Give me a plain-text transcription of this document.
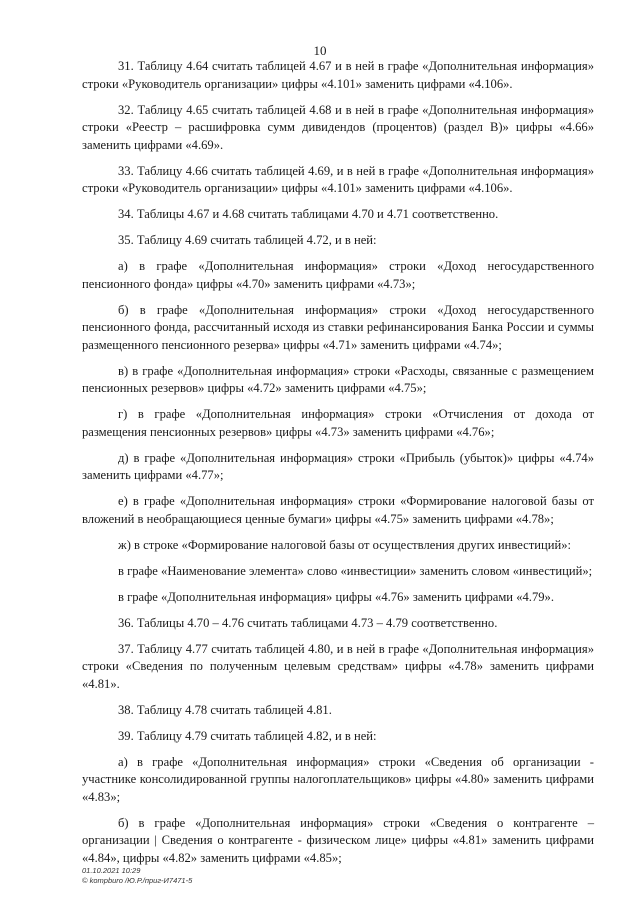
10

31. Таблицу 4.64 считать таблицей 4.67 и в ней в графе «Дополнительная информация» строки «Руководитель организации» цифры «4.101» заменить цифрами «4.106».

32. Таблицу 4.65 считать таблицей 4.68 и в ней в графе «Дополнительная информация» строки «Реестр – расшифровка сумм дивидендов (процентов) (раздел В)» цифры «4.66» заменить цифрами «4.69».

33. Таблицу 4.66 считать таблицей 4.69, и в ней в графе «Дополнительная информация» строки «Руководитель организации» цифры «4.101» заменить цифрами «4.106».

34. Таблицы 4.67 и 4.68 считать таблицами 4.70 и 4.71 соответственно.

35. Таблицу 4.69 считать таблицей 4.72, и в ней:

а) в графе «Дополнительная информация» строки «Доход негосударственного пенсионного фонда» цифры «4.70» заменить цифрами «4.73»;

б) в графе «Дополнительная информация» строки «Доход негосударственного пенсионного фонда, рассчитанный исходя из ставки рефинансирования Банка России и суммы размещенного пенсионного резерва» цифры «4.71» заменить цифрами «4.74»;

в) в графе «Дополнительная информация» строки «Расходы, связанные с размещением пенсионных резервов» цифры «4.72» заменить цифрами «4.75»;

г) в графе «Дополнительная информация» строки «Отчисления от дохода от размещения пенсионных резервов» цифры «4.73» заменить цифрами «4.76»;

д) в графе «Дополнительная информация» строки «Прибыль (убыток)» цифры «4.74» заменить цифрами «4.77»;

е) в графе «Дополнительная информация» строки «Формирование налоговой базы от вложений в необращающиеся ценные бумаги» цифры «4.75» заменить цифрами «4.78»;

ж) в строке «Формирование налоговой базы от осуществления других инвестиций»:

в графе «Наименование элемента» слово «инвестиции» заменить словом «инвестиций»;

в графе «Дополнительная информация» цифры «4.76» заменить цифрами «4.79».

36. Таблицы 4.70 – 4.76 считать таблицами 4.73 – 4.79 соответственно.

37. Таблицу 4.77 считать таблицей 4.80, и в ней в графе «Дополнительная информация» строки «Сведения по полученным целевым средствам» цифры «4.78» заменить цифрами «4.81».

38. Таблицу 4.78 считать таблицей 4.81.

39. Таблицу 4.79 считать таблицей 4.82, и в ней:

а) в графе «Дополнительная информация» строки «Сведения об организации - участнике консолидированной группы налогоплательщиков» цифры «4.80» заменить цифрами «4.83»;

б) в графе «Дополнительная информация» строки «Сведения о контрагенте – организации | Сведения о контрагенте - физическом лице» цифры «4.81» заменить цифрами «4.84», цифры «4.82» заменить цифрами «4.85»;

01.10.2021 10:29
© kompburo /Ю.Р./приг-И7471-5
